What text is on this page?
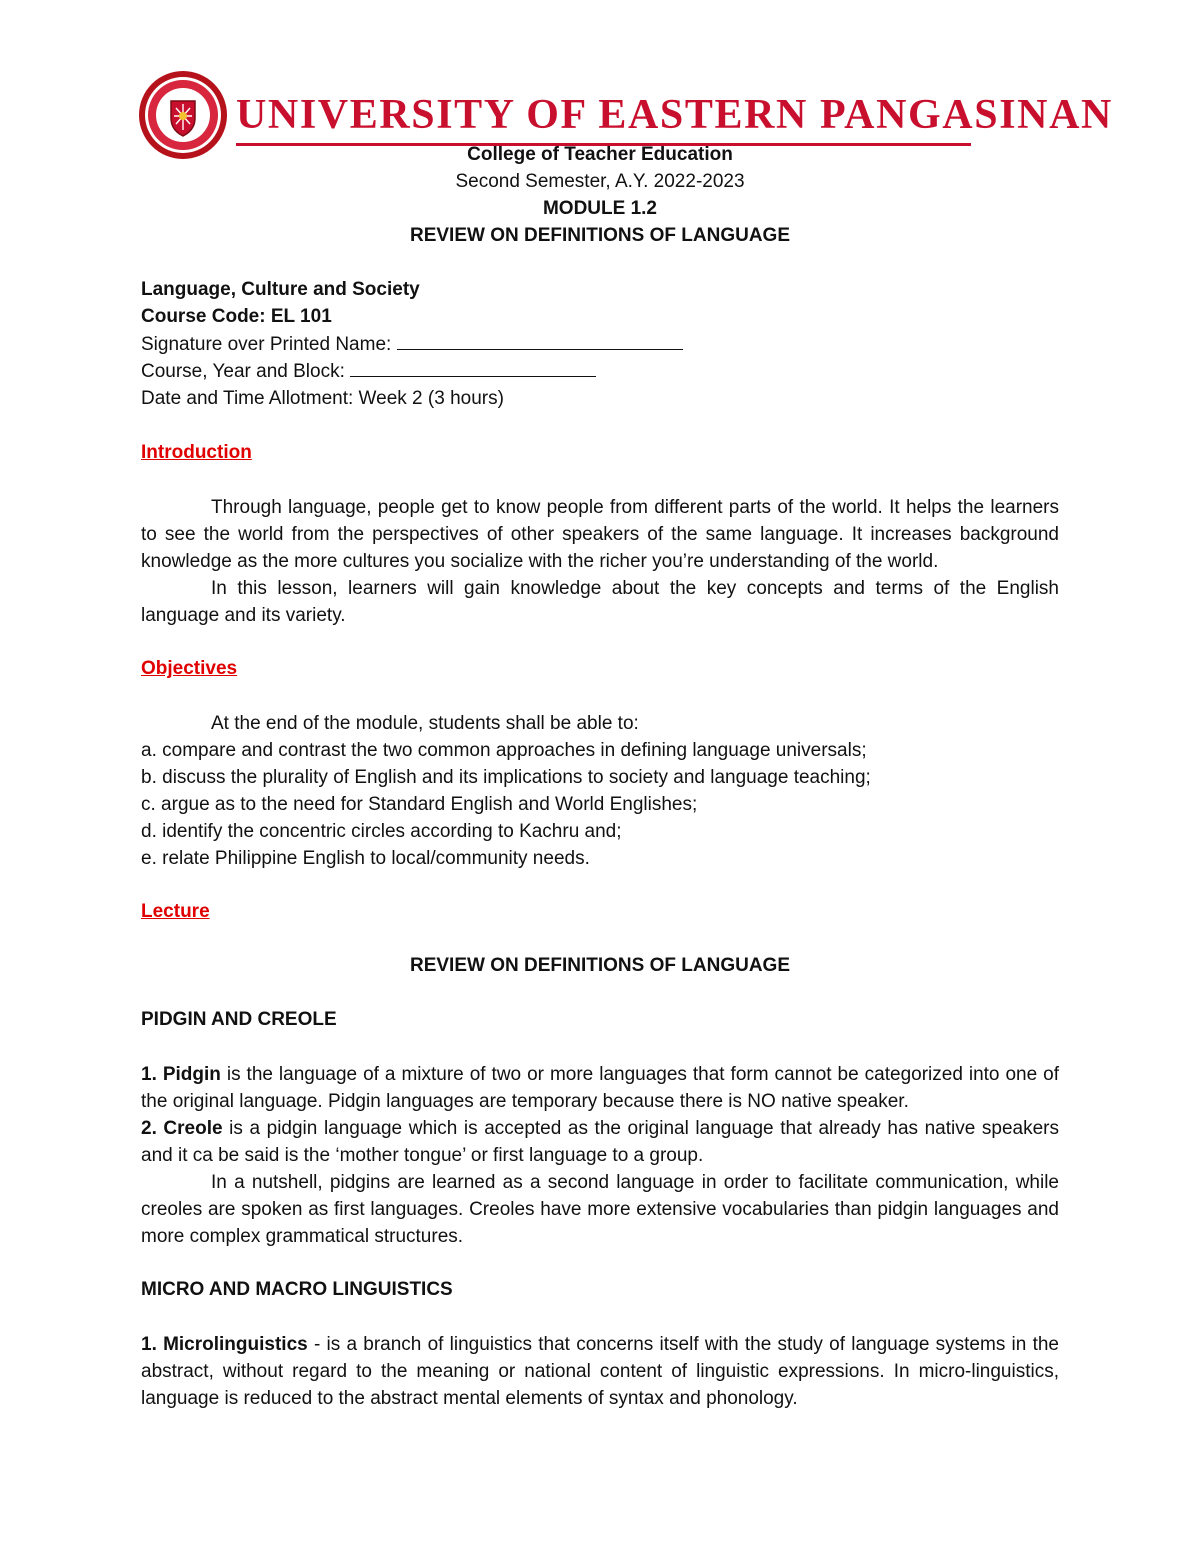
UNIVERSITY OF EASTERN PANGASINAN
College of Teacher Education
Second Semester, A.Y. 2022-2023
MODULE 1.2
REVIEW ON DEFINITIONS OF LANGUAGE
Language, Culture and Society
Course Code: EL 101
Signature over Printed Name:
Course, Year and Block:
Date and Time Allotment: Week 2 (3 hours)
Introduction
Through language, people get to know people from different parts of the world. It helps the learners to see the world from the perspectives of other speakers of the same language. It increases background knowledge as the more cultures you socialize with the richer you’re understanding of the world.
In this lesson, learners will gain knowledge about the key concepts and terms of the English language and its variety.
Objectives
At the end of the module, students shall be able to:
a. compare and contrast the two common approaches in defining language universals;
b. discuss the plurality of English and its implications to society and language teaching;
c. argue as to the need for Standard English and World Englishes;
d. identify the concentric circles according to Kachru and;
e. relate Philippine English to local/community needs.
Lecture
REVIEW ON DEFINITIONS OF LANGUAGE
PIDGIN AND CREOLE
1. Pidgin is the language of a mixture of two or more languages that form cannot be categorized into one of the original language. Pidgin languages are temporary because there is NO native speaker.
2. Creole is a pidgin language which is accepted as the original language that already has native speakers and it ca be said is the ‘mother tongue’ or first language to a group.
In a nutshell, pidgins are learned as a second language in order to facilitate communication, while creoles are spoken as first languages. Creoles have more extensive vocabularies than pidgin languages and more complex grammatical structures.
MICRO AND MACRO LINGUISTICS
1. Microlinguistics - is a branch of linguistics that concerns itself with the study of language systems in the abstract, without regard to the meaning or national content of linguistic expressions. In micro-linguistics, language is reduced to the abstract mental elements of syntax and phonology.
